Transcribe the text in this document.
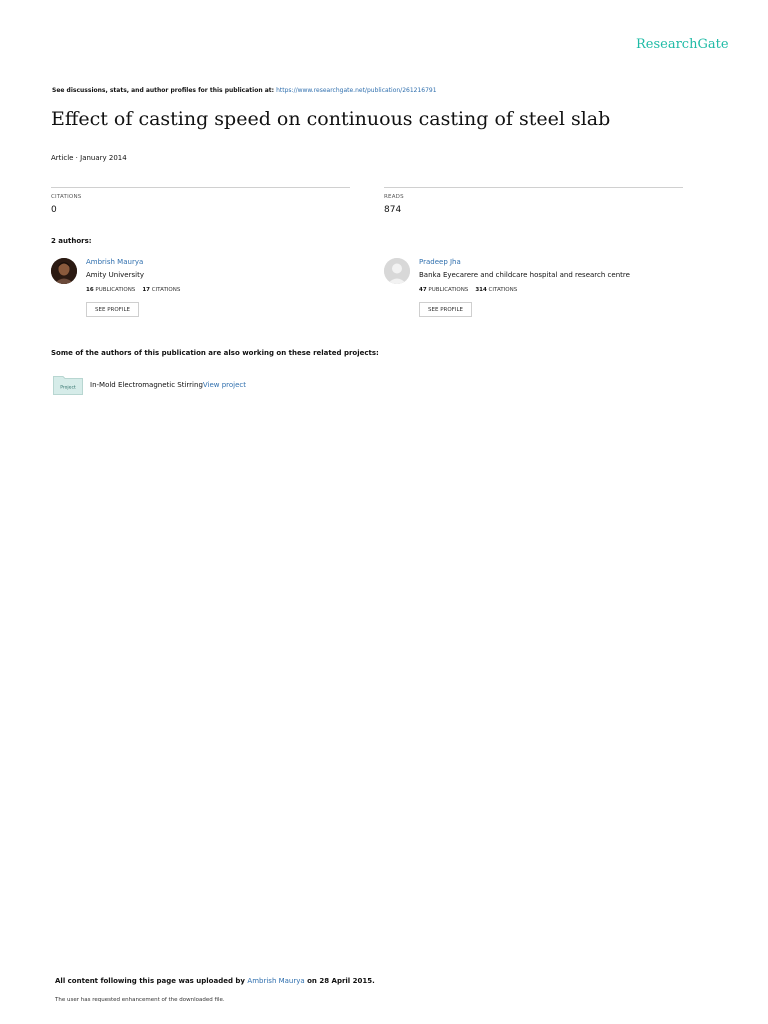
ResearchGate
See discussions, stats, and author profiles for this publication at: https://www.researchgate.net/publication/261216791
Effect of casting speed on continuous casting of steel slab
Article · January 2014
CITATIONS
0
READS
874
2 authors:
Ambrish Maurya
Amity University
16 PUBLICATIONS 17 CITATIONS
SEE PROFILE
Pradeep Jha
Banka Eyecarere and childcare hospital and research centre
47 PUBLICATIONS 314 CITATIONS
SEE PROFILE
Some of the authors of this publication are also working on these related projects:
Project In-Mold Electromagnetic StirringView project
All content following this page was uploaded by Ambrish Maurya on 28 April 2015.
The user has requested enhancement of the downloaded file.
